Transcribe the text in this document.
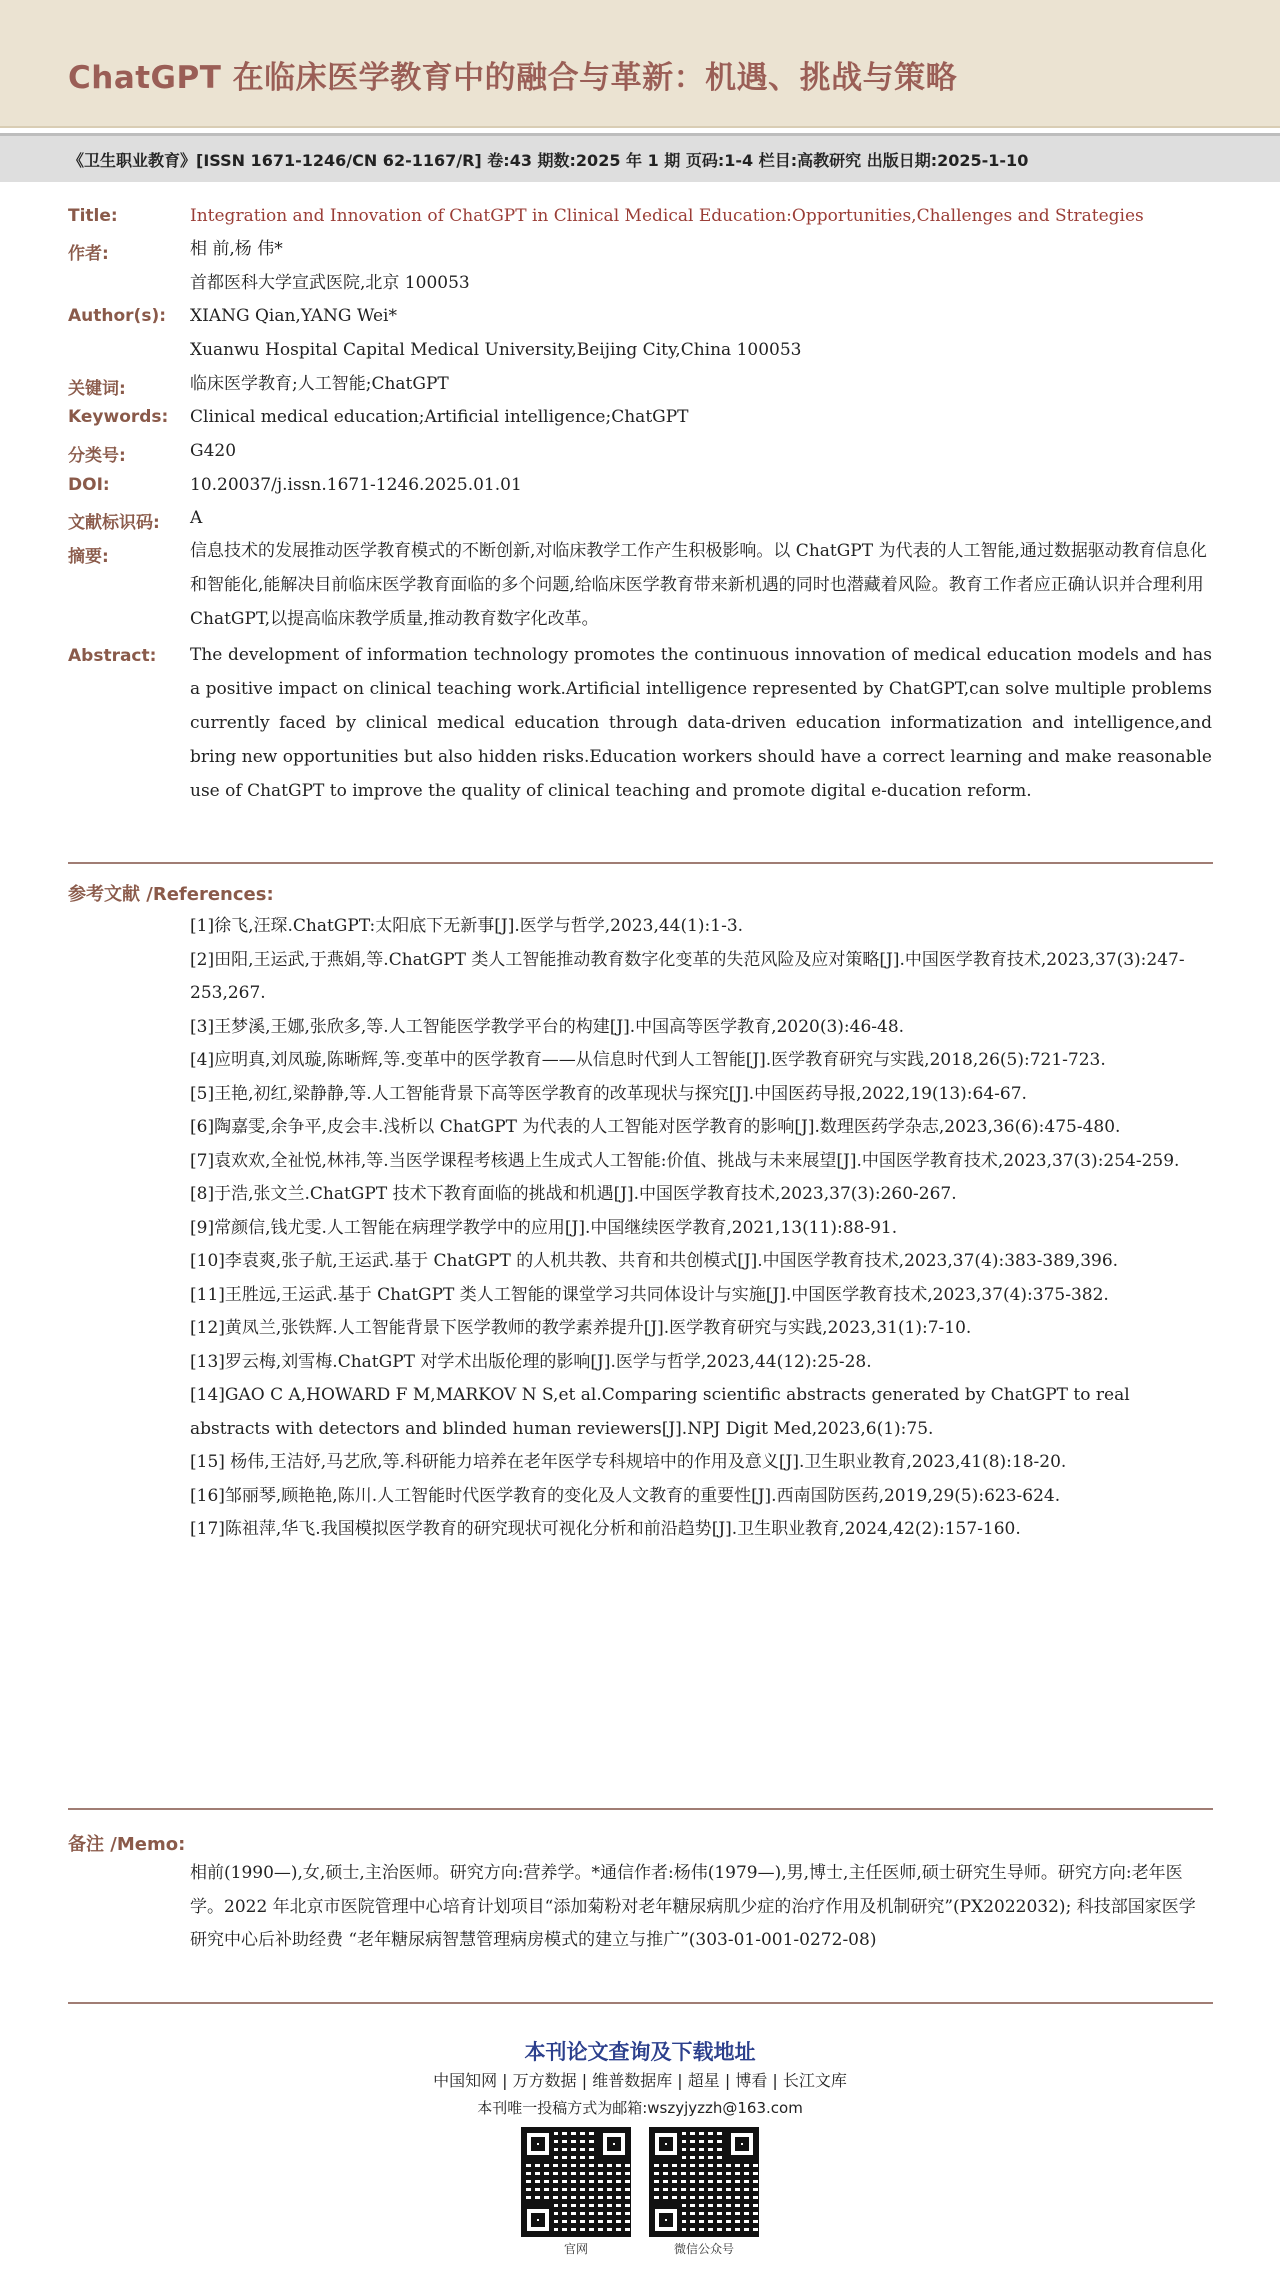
ChatGPT 在临床医学教育中的融合与革新：机遇、挑战与策略
《卫生职业教育》[ISSN 1671-1246/CN 62-1167/R] 卷:43 期数:2025 年 1 期 页码:1-4 栏目:高教研究 出版日期:2025-1-10
Title:	Integration and Innovation of ChatGPT in Clinical Medical Education:Opportunities,Challenges and Strategies
作者:	相 前,杨 伟*
首都医科大学宣武医院,北京 100053
Author(s):	XIANG Qian,YANG Wei*
Xuanwu Hospital Capital Medical University,Beijing City,China 100053
关键词:	临床医学教育;人工智能;ChatGPT
Keywords:	Clinical medical education;Artificial intelligence;ChatGPT
分类号:	G420
DOI:	10.20037/j.issn.1671-1246.2025.01.01
文献标识码:	A
摘要:	信息技术的发展推动医学教育模式的不断创新,对临床教学工作产生积极影响。以 ChatGPT 为代表的人工智能,通过数据驱动教育信息化和智能化,能解决目前临床医学教育面临的多个问题,给临床医学教育带来新机遇的同时也潜藏着风险。教育工作者应正确认识并合理利用 ChatGPT,以提高临床教学质量,推动教育数字化改革。
Abstract:	The development of information technology promotes the continuous innovation of medical education models and has a positive impact on clinical teaching work.Artificial intelligence represented by ChatGPT,can solve multiple problems currently faced by clinical medical education through data-driven education informatization and intelligence,and bring new opportunities but also hidden risks.Education workers should have a correct learning and make reasonable use of ChatGPT to improve the quality of clinical teaching and promote digital e-ducation reform.
参考文献 /References:
[1]徐飞,汪琛.ChatGPT:太阳底下无新事[J].医学与哲学,2023,44(1):1-3.
[2]田阳,王运武,于燕娟,等.ChatGPT 类人工智能推动教育数字化变革的失范风险及应对策略[J].中国医学教育技术,2023,37(3):247-253,267.
[3]王梦溪,王娜,张欣多,等.人工智能医学教学平台的构建[J].中国高等医学教育,2020(3):46-48.
[4]应明真,刘凤璇,陈晰辉,等.变革中的医学教育——从信息时代到人工智能[J].医学教育研究与实践,2018,26(5):721-723.
[5]王艳,初红,梁静静,等.人工智能背景下高等医学教育的改革现状与探究[J].中国医药导报,2022,19(13):64-67.
[6]陶嘉雯,余争平,皮会丰.浅析以 ChatGPT 为代表的人工智能对医学教育的影响[J].数理医药学杂志,2023,36(6):475-480.
[7]袁欢欢,全祉悦,林祎,等.当医学课程考核遇上生成式人工智能:价值、挑战与未来展望[J].中国医学教育技术,2023,37(3):254-259.
[8]于浩,张文兰.ChatGPT 技术下教育面临的挑战和机遇[J].中国医学教育技术,2023,37(3):260-267.
[9]常颜信,钱尤雯.人工智能在病理学教学中的应用[J].中国继续医学教育,2021,13(11):88-91.
[10]李袁爽,张子航,王运武.基于 ChatGPT 的人机共教、共育和共创模式[J].中国医学教育技术,2023,37(4):383-389,396.
[11]王胜远,王运武.基于 ChatGPT 类人工智能的课堂学习共同体设计与实施[J].中国医学教育技术,2023,37(4):375-382.
[12]黄凤兰,张铁辉.人工智能背景下医学教师的教学素养提升[J].医学教育研究与实践,2023,31(1):7-10.
[13]罗云梅,刘雪梅.ChatGPT 对学术出版伦理的影响[J].医学与哲学,2023,44(12):25-28.
[14]GAO C A,HOWARD F M,MARKOV N S,et al.Comparing scientific abstracts generated by ChatGPT to real abstracts with detectors and blinded human reviewers[J].NPJ Digit Med,2023,6(1):75.
[15] 杨伟,王洁妤,马艺欣,等.科研能力培养在老年医学专科规培中的作用及意义[J].卫生职业教育,2023,41(8):18-20.
[16]邹丽琴,顾艳艳,陈川.人工智能时代医学教育的变化及人文教育的重要性[J].西南国防医药,2019,29(5):623-624.
[17]陈祖萍,华飞.我国模拟医学教育的研究现状可视化分析和前沿趋势[J].卫生职业教育,2024,42(2):157-160.
备注 /Memo:
相前(1990—),女,硕士,主治医师。研究方向:营养学。*通信作者:杨伟(1979—),男,博士,主任医师,硕士研究生导师。研究方向:老年医学。2022 年北京市医院管理中心培育计划项目“添加菊粉对老年糖尿病肌少症的治疗作用及机制研究”(PX2022032); 科技部国家医学研究中心后补助经费 “老年糖尿病智慧管理病房模式的建立与推广”(303-01-001-0272-08)
本刊论文查询及下载地址
中国知网 | 万方数据 | 维普数据库 | 超星 | 博看 | 长江文库
本刊唯一投稿方式为邮箱:wszyjyzzh@163.com
官网	微信公众号
